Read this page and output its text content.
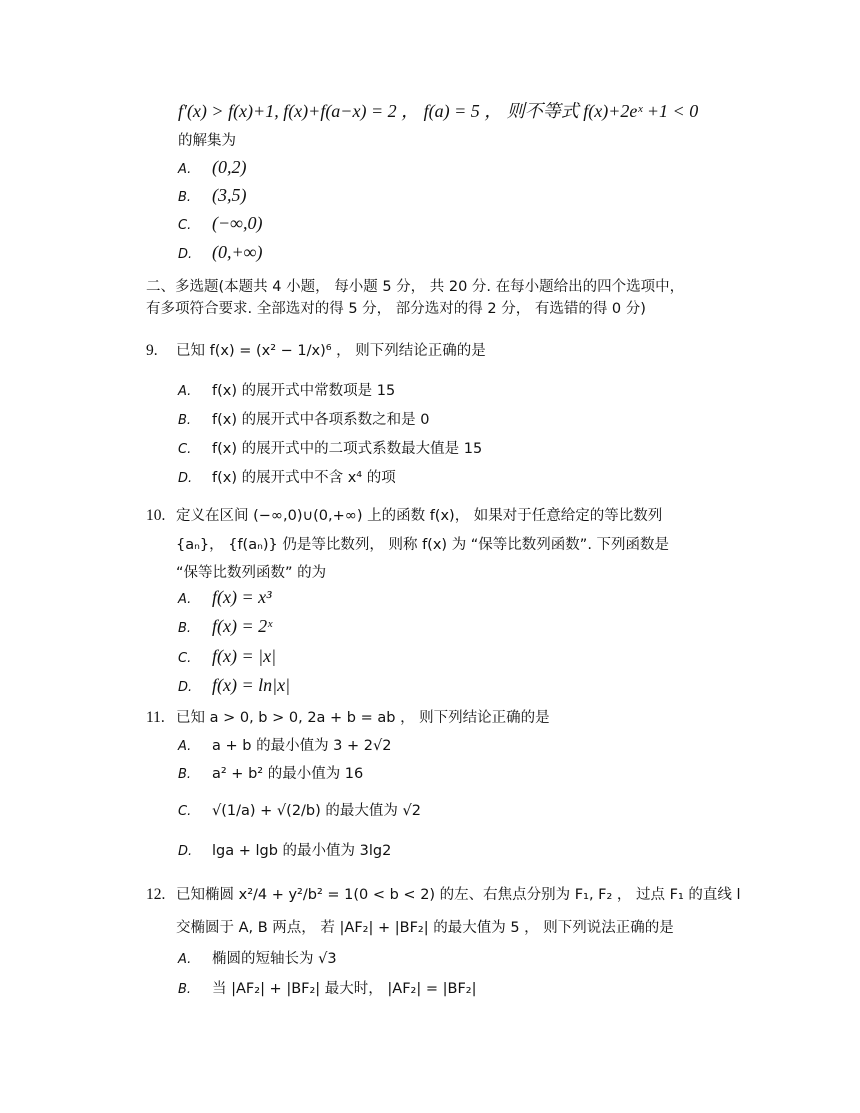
f′(x) > f(x)+1, f(x)+f(a−x) = 2 ， f(a) = 5 ， 则不等式 f(x)+2eˣ +1 < 0
的解集为
A. (0,2)
B. (3,5)
C. (−∞,0)
D. (0,+∞)
二、多选题(本题共 4 小题， 每小题 5 分， 共 20 分. 在每小题给出的四个选项中，
有多项符合要求. 全部选对的得 5 分， 部分选对的得 2 分， 有选错的得 0 分)
9. 已知 f(x) = (x² − 1/x)⁶ ， 则下列结论正确的是
A. f(x) 的展开式中常数项是 15
B. f(x) 的展开式中各项系数之和是 0
C. f(x) 的展开式中的二项式系数最大值是 15
D. f(x) 的展开式中不含 x⁴ 的项
10. 定义在区间 (−∞,0)∪(0,+∞) 上的函数 f(x)， 如果对于任意给定的等比数列
{aₙ}， {f(aₙ)} 仍是等比数列， 则称 f(x) 为 “保等比数列函数”. 下列函数是
“保等比数列函数” 的为
A. f(x) = x³
B. f(x) = 2ˣ
C. f(x) = |x|
D. f(x) = ln|x|
11. 已知 a > 0, b > 0, 2a + b = ab ， 则下列结论正确的是
A. a + b 的最小值为 3 + 2√2
B. a² + b² 的最小值为 16
C. √(1/a) + √(2/b) 的最大值为 √2
D. lga + lgb 的最小值为 3lg2
12. 已知椭圆 x²/4 + y²/b² = 1(0 < b < 2) 的左、右焦点分别为 F₁, F₂ ， 过点 F₁ 的直线 l
交椭圆于 A, B 两点， 若 |AF₂| + |BF₂| 的最大值为 5 ， 则下列说法正确的是
A. 椭圆的短轴长为 √3
B. 当 |AF₂| + |BF₂| 最大时， |AF₂| = |BF₂|
